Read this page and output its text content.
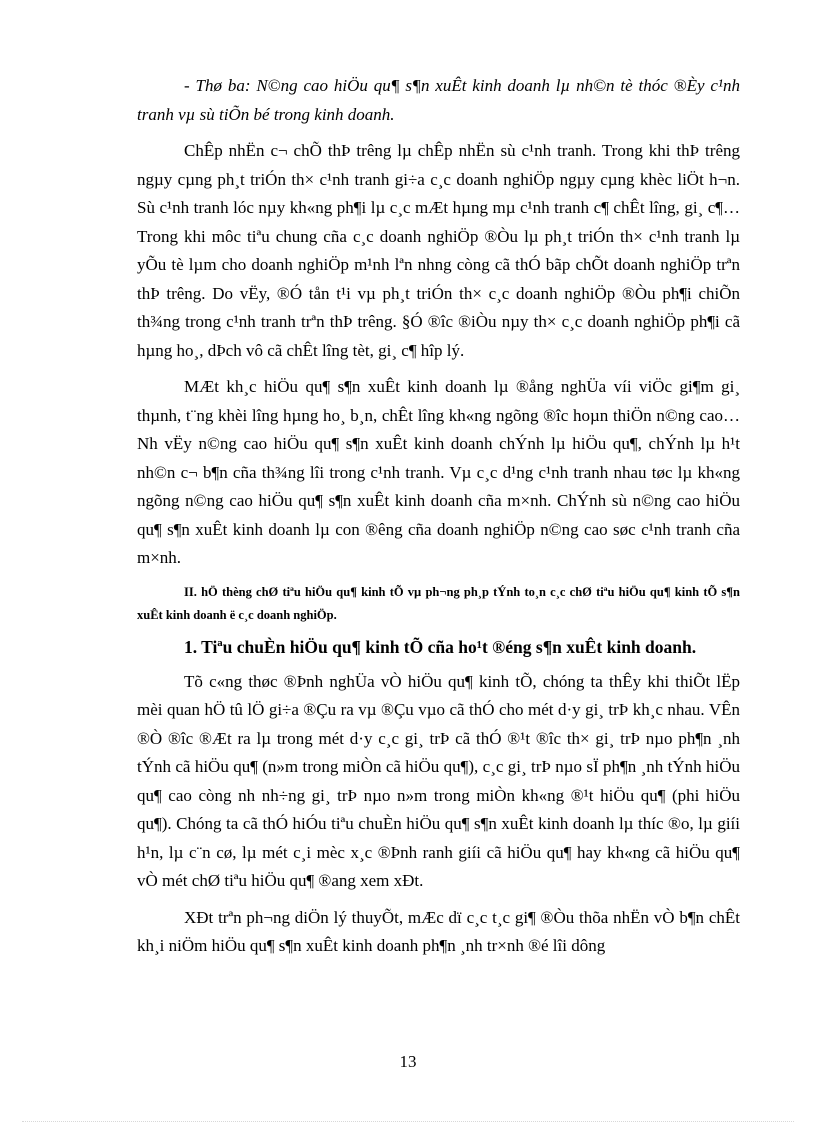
- Thø ba: N©ng cao hiÖu qu¶ s¶n xuÊt kinh doanh lµ nh©n tè thóc ®Èy c¹nh tranh vµ sù tiÕn bé trong kinh doanh.

ChÊp nhËn c¬ chÕ thÞ trêng lµ chÊp nhËn sù c¹nh tranh. Trong khi thÞ trêng ngµy cµng ph¸t triÓn th× c¹nh tranh gi÷a c¸c doanh nghiÖp ngµy cµng khèc liÖt h¬n. Sù c¹nh tranh lóc nµy kh«ng ph¶i lµ c¸c mÆt hµng mµ c¹nh tranh c¶ chÊt lîng, gi¸ c¶… Trong khi môc tiªu chung cña c¸c doanh nghiÖp ®Òu lµ ph¸t triÓn th× c¹nh tranh lµ yÕu tè lµm cho doanh nghiÖp m¹nh lªn nhng còng cã thÓ bãp chÕt doanh nghiÖp trªn thÞ trêng. Do vËy, ®Ó tån t¹i vµ ph¸t triÓn th× c¸c doanh nghiÖp ®Òu ph¶i chiÕn th¾ng trong c¹nh tranh trªn thÞ trêng. §Ó ®îc ®iÒu nµy th× c¸c doanh nghiÖp ph¶i cã hµng ho¸, dÞch vô cã chÊt lîng tèt, gi¸ c¶ hîp lý.

MÆt kh¸c hiÖu qu¶ s¶n xuÊt kinh doanh lµ ®ång nghÜa víi viÖc gi¶m gi¸ thµnh, t¨ng khèi lîng hµng ho¸ b¸n, chÊt lîng kh«ng ngõng ®îc hoµn thiÖn n©ng cao… Nh vËy n©ng cao hiÖu qu¶ s¶n xuÊt kinh doanh chÝnh lµ hiÖu qu¶, chÝnh lµ h¹t nh©n c¬ b¶n cña th¾ng lîi trong c¹nh tranh. Vµ c¸c d¹ng c¹nh tranh nhau tøc lµ kh«ng ngõng n©ng cao hiÖu qu¶ s¶n xuÊt kinh doanh cña m×nh. ChÝnh sù n©ng cao hiÖu qu¶ s¶n xuÊt kinh doanh lµ con ®êng cña doanh nghiÖp n©ng cao søc c¹nh tranh cña m×nh.

II. hÖ thèng chØ tiªu hiÖu qu¶ kinh tÕ vµ ph¬ng ph¸p tÝnh to¸n c¸c chØ tiªu hiÖu qu¶ kinh tÕ s¶n xuÊt kinh doanh ë c¸c doanh nghiÖp.

1. Tiªu chuÈn hiÖu qu¶ kinh tÕ cña ho¹t ®éng s¶n xuÊt kinh doanh.

Tõ c«ng thøc ®Þnh nghÜa vÒ hiÖu qu¶ kinh tÕ, chóng ta thÊy khi thiÕt lËp mèi quan hÖ tû lÖ gi÷a ®Çu ra vµ ®Çu vµo cã thÓ cho mét d·y gi¸ trÞ kh¸c nhau. VÊn ®Ò ®îc ®Æt ra lµ trong mét d·y c¸c gi¸ trÞ cã thÓ ®¹t ®îc th× gi¸ trÞ nµo ph¶n ¸nh tÝnh cã hiÖu qu¶ (n»m trong miÒn cã hiÖu qu¶), c¸c gi¸ trÞ nµo sÏ ph¶n ¸nh tÝnh hiÖu qu¶ cao còng nh nh÷ng gi¸ trÞ nµo n»m trong miÒn kh«ng ®¹t hiÖu qu¶ (phi hiÖu qu¶). Chóng ta cã thÓ hiÓu tiªu chuÈn hiÖu qu¶ s¶n xuÊt kinh doanh lµ thíc ®o, lµ giíi h¹n, lµ c¨n cø, lµ mét c¸i mèc x¸c ®Þnh ranh giíi cã hiÖu qu¶ hay kh«ng cã hiÖu qu¶ vÒ mét chØ tiªu hiÖu qu¶ ®ang xem xÐt.

XÐt trªn ph¬ng diÖn lý thuyÕt, mÆc dï c¸c t¸c gi¶ ®Òu thõa nhËn vÒ b¶n chÊt kh¸i niÖm hiÖu qu¶ s¶n xuÊt kinh doanh ph¶n ¸nh tr×nh ®é lîi dông

13
